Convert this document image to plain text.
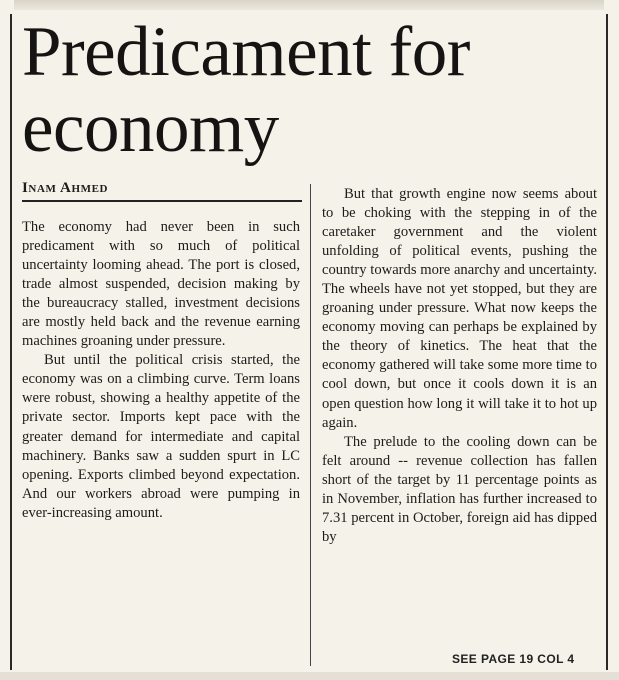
Predicament for economy
Inam Ahmed

The economy had never been in such predicament with so much of political uncertainty looming ahead. The port is closed, trade almost suspended, decision making by the bureaucracy stalled, investment decisions are mostly held back and the revenue earning machines groaning under pressure.

But until the political crisis started, the economy was on a climbing curve. Term loans were robust, showing a healthy appetite of the private sector. Imports kept pace with the greater demand for intermediate and capital machinery. Banks saw a sudden spurt in LC opening. Exports climbed beyond expectation. And our workers abroad were pumping in ever-increasing amount.

But that growth engine now seems about to be choking with the stepping in of the caretaker government and the violent unfolding of political events, pushing the country towards more anarchy and uncertainty. The wheels have not yet stopped, but they are groaning under pressure. What now keeps the economy moving can perhaps be explained by the theory of kinetics. The heat that the economy gathered will take some more time to cool down, but once it cools down it is an open question how long it will take it to hot up again.

The prelude to the cooling down can be felt around -- revenue collection has fallen short of the target by 11 percentage points as in November, inflation has further increased to 7.31 percent in October, foreign aid has dipped by

SEE PAGE 19 COL 4
